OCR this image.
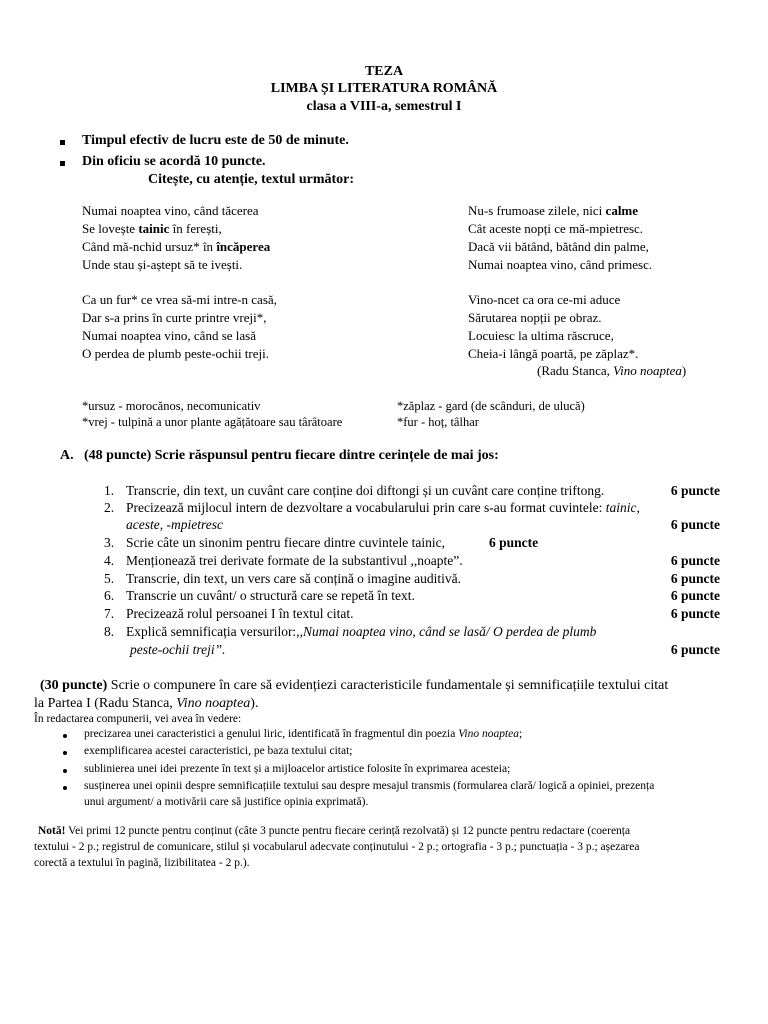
TEZA
LIMBA ȘI LITERATURA ROMÂNĂ
clasa a VIII-a, semestrul I
Timpul efectiv de lucru este de 50 de minute.
Din oficiu se acordă 10 puncte.
Citește, cu atenție, textul următor:
Numai noaptea vino, când tăcerea
Se lovește tainic în ferești,
Când mă-nchid ursuz* în încăperea
Unde stau și-aștept să te ivești.
Ca un fur* ce vrea să-mi intre-n casă,
Dar s-a prins în curte printre vreji*,
Numai noaptea vino, când se lasă
O perdea de plumb peste-ochii treji.
Nu-s frumoase zilele, nici calme
Cât aceste nopți ce mă-mpietresc.
Dacă vii bătând, bătând din palme,
Numai noaptea vino, când primesc.
Vino-ncet ca ora ce-mi aduce
Sărutarea nopții pe obraz.
Locuiesc la ultima răscruce,
Cheia-i lângă poartă, pe zăplaz*.
(Radu Stanca, Vino noaptea)
*ursuz - morocănos, necomunicativ
*vrej - tulpină a unor plante agățătoare sau târâtoare
*zăplaz - gard (de scânduri, de ulucă)
*fur - hoț, tâlhar
A. (48 puncte) Scrie răspunsul pentru fiecare dintre cerințele de mai jos:
1. Transcrie, din text, un cuvânt care conține doi diftongi și un cuvânt care conține triftong.	6 puncte
2. Precizează mijlocul intern de dezvoltare a vocabularului prin care s-au format cuvintele: tainic,
aceste, -mpietresc	6 puncte
3. Scrie câte un sinonim pentru fiecare dintre cuvintele tainic,	6 puncte
4. Menționează trei derivate formate de la substantivul ,,noapte”.	6 puncte
5. Transcrie, din text, un vers care să conțină o imagine auditivă.	6 puncte
6. Transcrie un cuvânt/ o structură care se repetă în text.	6 puncte
7. Precizează rolul persoanei I în textul citat.	6 puncte
8. Explică semnificația versurilor:,,Numai noaptea vino, când se lasă/ O perdea de plumb
peste-ochii treji”.	6 puncte
(30 puncte) Scrie o compunere în care să evidențiezi caracteristicile fundamentale și semnificațiile textului citat
la Partea I (Radu Stanca, Vino noaptea).
În redactarea compunerii, vei avea în vedere:
precizarea unei caracteristici a genului liric, identificată în fragmentul din poezia Vino noaptea;
exemplificarea acestei caracteristici, pe baza textului citat;
sublinierea unei idei prezente în text și a mijloacelor artistice folosite în exprimarea acesteia;
susținerea unei opinii despre semnificațiile textului sau despre mesajul transmis (formularea clară/ logică a opiniei, prezența
unui argument/ a motivării care să justifice opinia exprimată).
Notă! Vei primi 12 puncte pentru conținut (câte 3 puncte pentru fiecare cerință rezolvată) și 12 puncte pentru redactare (coerența
textului - 2 p.; registrul de comunicare, stilul și vocabularul adecvate conținutului - 2 p.; ortografia - 3 p.; punctuația - 3 p.; așezarea
corectă a textului în pagină, lizibilitatea - 2 p.).
